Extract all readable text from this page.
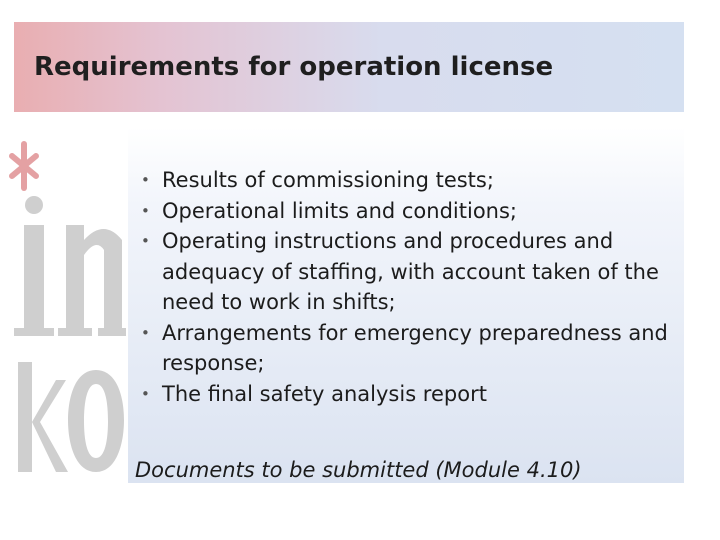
Requirements for operation license
• Results of commissioning tests;
• Operational limits and conditions;
• Operating instructions and procedures and adequacy of staffing, with account taken of the need to work in shifts;
• Arrangements for emergency preparedness and response;
• The final safety analysis report
Documents to be submitted (Module 4.10)
